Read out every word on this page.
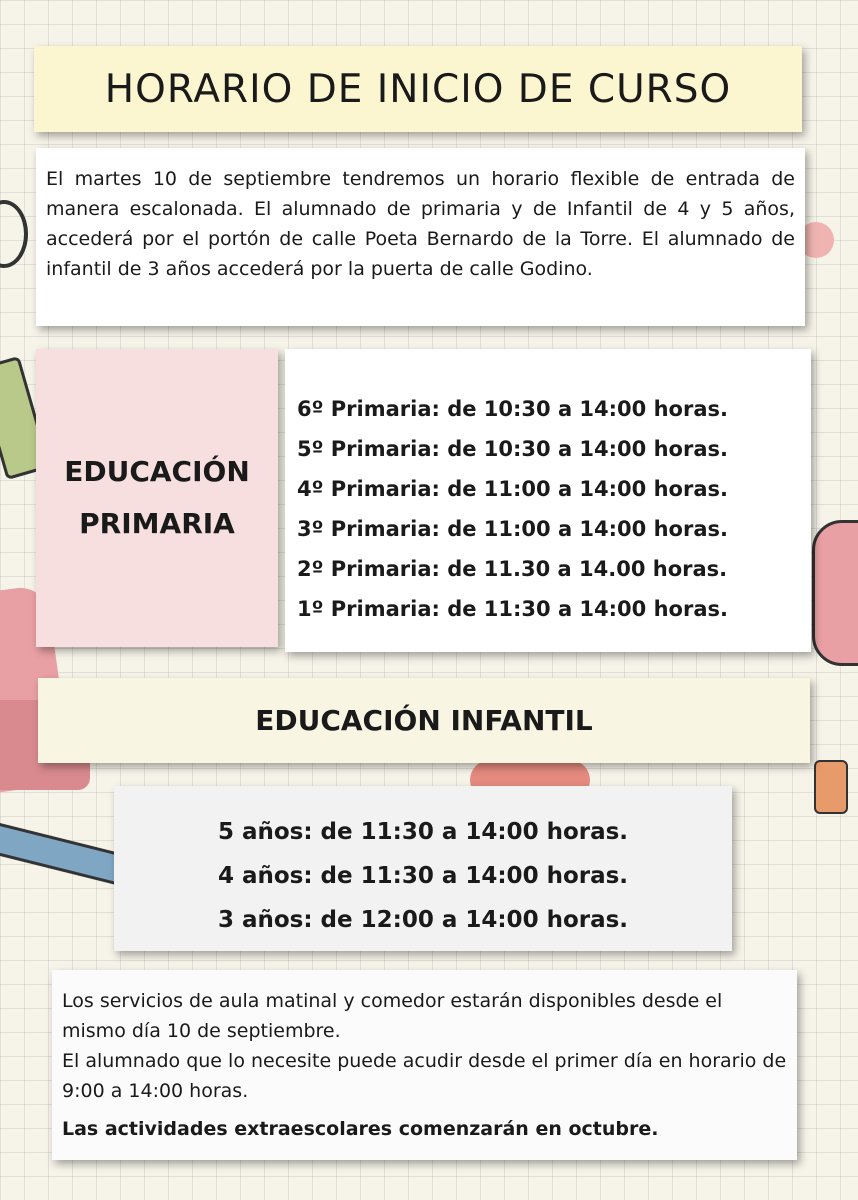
HORARIO DE INICIO DE CURSO

El martes 10 de septiembre tendremos un horario flexible de entrada de manera escalonada. El alumnado de primaria y de Infantil de 4 y 5 años, accederá por el portón de calle Poeta Bernardo de la Torre. El alumnado de infantil de 3 años accederá por la puerta de calle Godino.

EDUCACIÓN
PRIMARIA
6º Primaria: de 10:30 a 14:00 horas.
5º Primaria: de 10:30 a 14:00 horas.
4º Primaria: de 11:00 a 14:00 horas.
3º Primaria: de 11:00 a 14:00 horas.
2º Primaria: de 11.30 a 14.00 horas.
1º Primaria: de 11:30 a 14:00 horas.
EDUCACIÓN INFANTIL
5 años: de 11:30 a 14:00 horas.
4 años: de 11:30 a 14:00 horas.
3 años: de 12:00 a 14:00 horas.

Los servicios de aula matinal y comedor estarán disponibles desde el mismo día 10 de septiembre.

El alumnado que lo necesite puede acudir desde el primer día en horario de 9:00 a 14:00 horas.

Las actividades extraescolares comenzarán en octubre.
